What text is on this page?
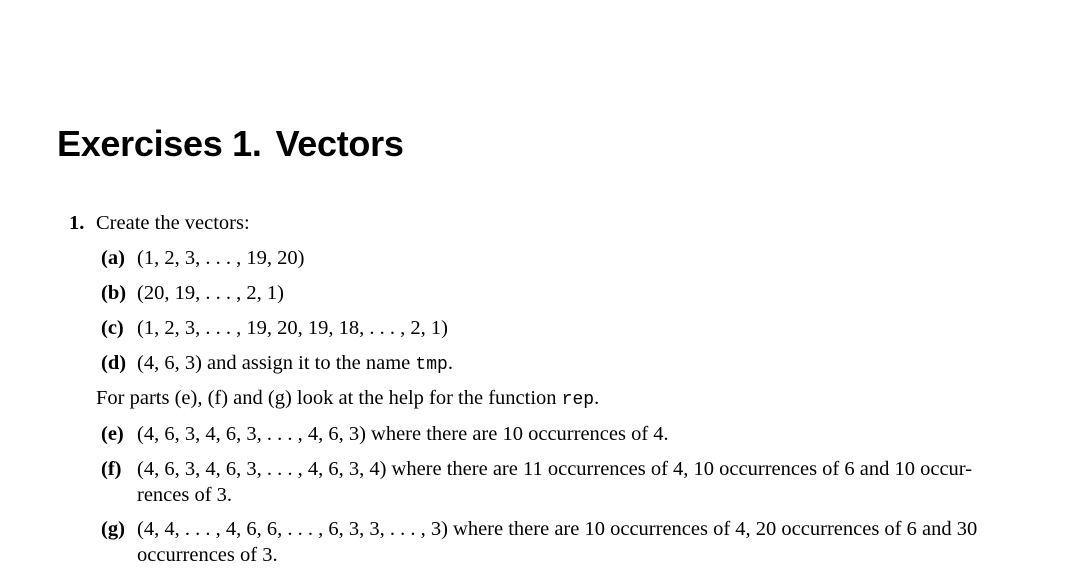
Exercises 1. Vectors
1. Create the vectors:
(a) (1, 2, 3, . . . , 19, 20)
(b) (20, 19, . . . , 2, 1)
(c) (1, 2, 3, . . . , 19, 20, 19, 18, . . . , 2, 1)
(d) (4, 6, 3) and assign it to the name tmp.
For parts (e), (f) and (g) look at the help for the function rep.
(e) (4, 6, 3, 4, 6, 3, . . . , 4, 6, 3) where there are 10 occurrences of 4.
(f) (4, 6, 3, 4, 6, 3, . . . , 4, 6, 3, 4) where there are 11 occurrences of 4, 10 occurrences of 6 and 10 occur-
rences of 3.
(g) (4, 4, . . . , 4, 6, 6, . . . , 6, 3, 3, . . . , 3) where there are 10 occurrences of 4, 20 occurrences of 6 and 30
occurrences of 3.
